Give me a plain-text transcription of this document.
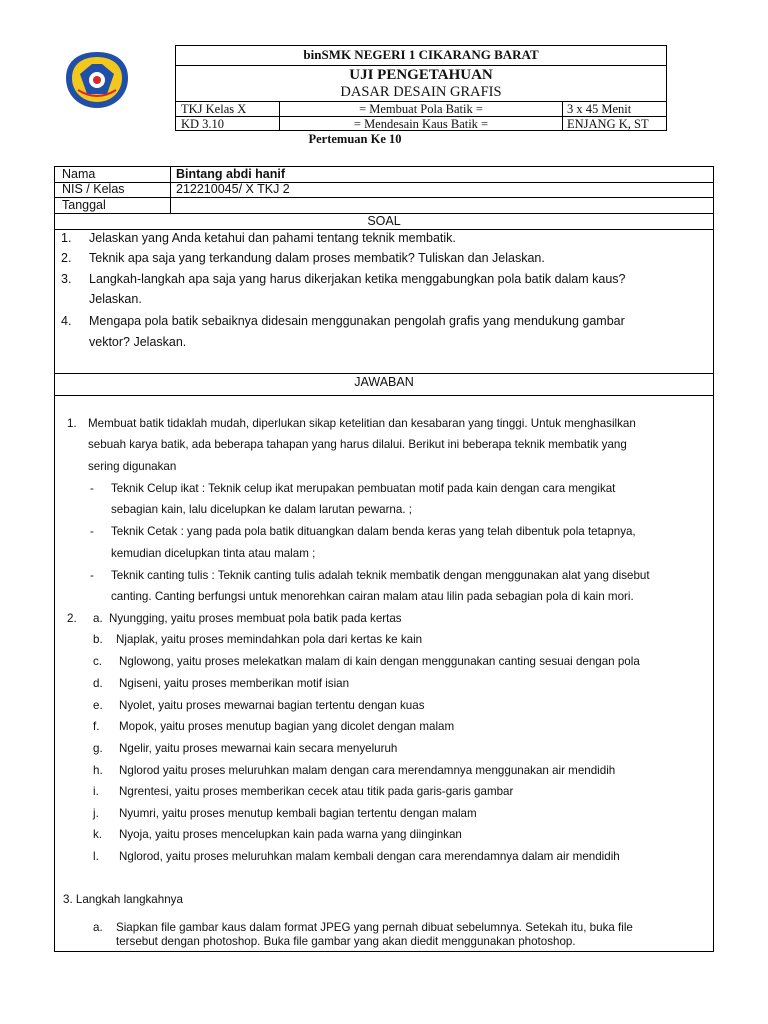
binSMK NEGERI 1 CIKARANG BARAT
UJI PENGETAHUAN
DASAR DESAIN GRAFIS
TKJ Kelas X
KD 3.10
= Membuat Pola Batik =
= Mendesain Kaus Batik =
3 x 45 Menit
ENJANG K, ST
Pertemuan Ke 10
Nama	Bintang abdi hanif
NIS / Kelas	212210045/ X TKJ 2
Tanggal
SOAL
1. Jelaskan yang Anda ketahui dan pahami tentang teknik membatik.
2. Teknik apa saja yang terkandung dalam proses membatik? Tuliskan dan Jelaskan.
3. Langkah-langkah apa saja yang harus dikerjakan ketika menggabungkan pola batik dalam kaus?
Jelaskan.
4. Mengapa pola batik sebaiknya didesain menggunakan pengolah grafis yang mendukung gambar
vektor? Jelaskan.
JAWABAN
1. Membuat batik tidaklah mudah, diperlukan sikap ketelitian dan kesabaran yang tinggi. Untuk menghasilkan
sebuah karya batik, ada beberapa tahapan yang harus dilalui. Berikut ini beberapa teknik membatik yang
sering digunakan
- Teknik Celup ikat : Teknik celup ikat merupakan pembuatan motif pada kain dengan cara mengikat
sebagian kain, lalu dicelupkan ke dalam larutan pewarna. ;
- Teknik Cetak : yang pada pola batik dituangkan dalam benda keras yang telah dibentuk pola tetapnya,
kemudian dicelupkan tinta atau malam ;
- Teknik canting tulis : Teknik canting tulis adalah teknik membatik dengan menggunakan alat yang disebut
canting. Canting berfungsi untuk menorehkan cairan malam atau lilin pada sebagian pola di kain mori.
2. a. Nyungging, yaitu proses membuat pola batik pada kertas
b. Njaplak, yaitu proses memindahkan pola dari kertas ke kain
c. Nglowong, yaitu proses melekatkan malam di kain dengan menggunakan canting sesuai dengan pola
d. Ngiseni, yaitu proses memberikan motif isian
e. Nyolet, yaitu proses mewarnai bagian tertentu dengan kuas
f. Mopok, yaitu proses menutup bagian yang dicolet dengan malam
g. Ngelir, yaitu proses mewarnai kain secara menyeluruh
h. Nglorod yaitu proses meluruhkan malam dengan cara merendamnya menggunakan air mendidih
i. Ngrentesi, yaitu proses memberikan cecek atau titik pada garis-garis gambar
j. Nyumri, yaitu proses menutup kembali bagian tertentu dengan malam
k. Nyoja, yaitu proses mencelupkan kain pada warna yang diinginkan
l. Nglorod, yaitu proses meluruhkan malam kembali dengan cara merendamnya dalam air mendidih
3. Langkah langkahnya
a. Siapkan file gambar kaus dalam format JPEG yang pernah dibuat sebelumnya. Setekah itu, buka file
tersebut dengan photoshop. Buka file gambar yang akan diedit menggunakan photoshop.
